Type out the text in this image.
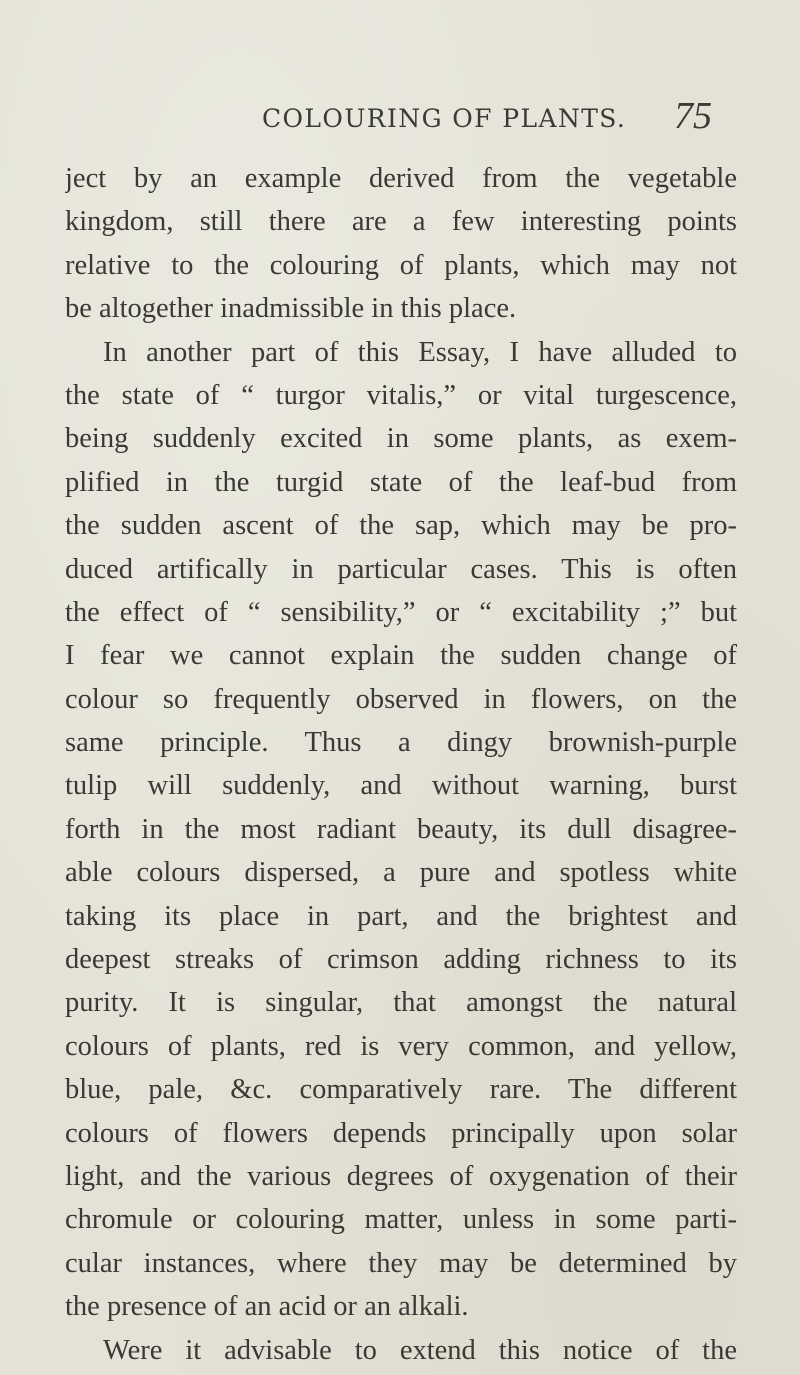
COLOURING OF PLANTS. 75
ject by an example derived from the vegetable
kingdom, still there are a few interesting points
relative to the colouring of plants, which may not
be altogether inadmissible in this place.
In another part of this Essay, I have alluded to
the state of “ turgor vitalis,” or vital turgescence,
being suddenly excited in some plants, as exem-
plified in the turgid state of the leaf-bud from
the sudden ascent of the sap, which may be pro-
duced artifically in particular cases. This is often
the effect of “ sensibility,” or “ excitability ;” but
I fear we cannot explain the sudden change of
colour so frequently observed in flowers, on the
same principle. Thus a dingy brownish-purple
tulip will suddenly, and without warning, burst
forth in the most radiant beauty, its dull disagree-
able colours dispersed, a pure and spotless white
taking its place in part, and the brightest and
deepest streaks of crimson adding richness to its
purity. It is singular, that amongst the natural
colours of plants, red is very common, and yellow,
blue, pale, &c. comparatively rare. The different
colours of flowers depends principally upon solar
light, and the various degrees of oxygenation of their
chromule or colouring matter, unless in some parti-
cular instances, where they may be determined by
the presence of an acid or an alkali.
Were it advisable to extend this notice of the
